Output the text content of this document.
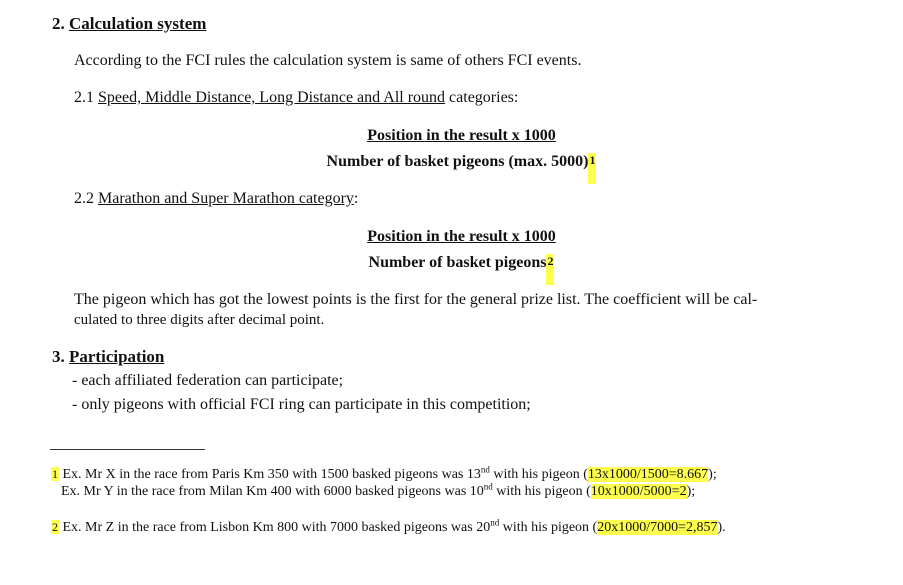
2. Calculation system
According to the FCI rules the calculation system is same of others FCI events.
2.1 Speed, Middle Distance, Long Distance and All round categories:
Position in the result x 1000
Number of basket pigeons (max. 5000)1
2.2 Marathon and Super Marathon category:
Position in the result x 1000
Number of basket pigeons2
The pigeon which has got the lowest points is the first for the general prize list. The coefficient will be cal-
culated to three digits after decimal point.
3. Participation
- each affiliated federation can participate;
- only pigeons with official FCI ring can participate in this competition;
1 Ex. Mr X in the race from Paris Km 350 with 1500 basked pigeons was 13nd with his pigeon (13x1000/1500=8.667);
Ex. Mr Y in the race from Milan Km 400 with 6000 basked pigeons was 10nd with his pigeon (10x1000/5000=2);
2 Ex. Mr Z in the race from Lisbon Km 800 with 7000 basked pigeons was 20nd with his pigeon (20x1000/7000=2,857).
